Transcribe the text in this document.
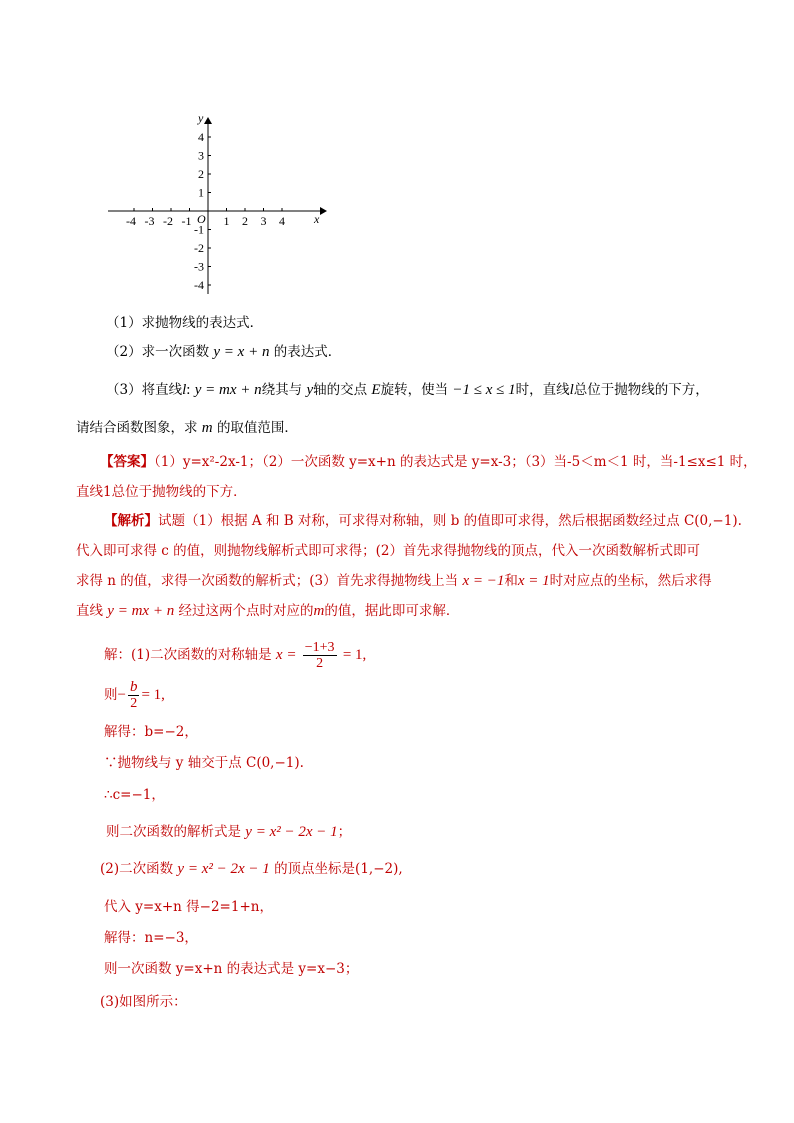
-4 -3 -2 -1	1 2 3 4
4
3
2
1
-1
-2
-3
-4
x
y
O
（1）求抛物线的表达式．
（2）求一次函数 y = x + n 的表达式．
（3）将直线l: y = mx + n绕其与 y轴的交点 E旋转，使当 −1 ≤ x ≤ 1时，直线l总位于抛物线的下方，
请结合函数图象，求 m 的取值范围．
【答案】（1）y=x²-2x-1；（2）一次函数 y=x+n 的表达式是 y=x-3；（3）当-5＜m＜1 时，当-1≤x≤1 时，
直线1总位于抛物线的下方．
【解析】试题（1）根据 A 和 B 对称，可求得对称轴，则 b 的值即可求得，然后根据函数经过点 C(0,−1).
代入即可求得 c 的值，则抛物线解析式即可求得；(2）首先求得抛物线的顶点，代入一次函数解析式即可
求得 n 的值，求得一次函数的解析式；(3）首先求得抛物线上当 x = −1和x = 1时对应点的坐标，然后求得
直线 y = mx + n 经过这两个点时对应的m的值，据此即可求解．
解：(1)二次函数的对称轴是 $x = \frac{-1+3}{2} = 1$,
则− $\frac{b}{2} = 1$,
解得：b=−2，
∵抛物线与 y 轴交于点 C(0,−1).
∴c=−1，
则二次函数的解析式是 y = x² − 2x − 1；
(2)二次函数 y = x² − 2x − 1 的顶点坐标是(1,−2),
代入 y=x+n 得−2=1+n，
解得：n=−3，
则一次函数 y=x+n 的表达式是 y=x−3；
(3)如图所示：
